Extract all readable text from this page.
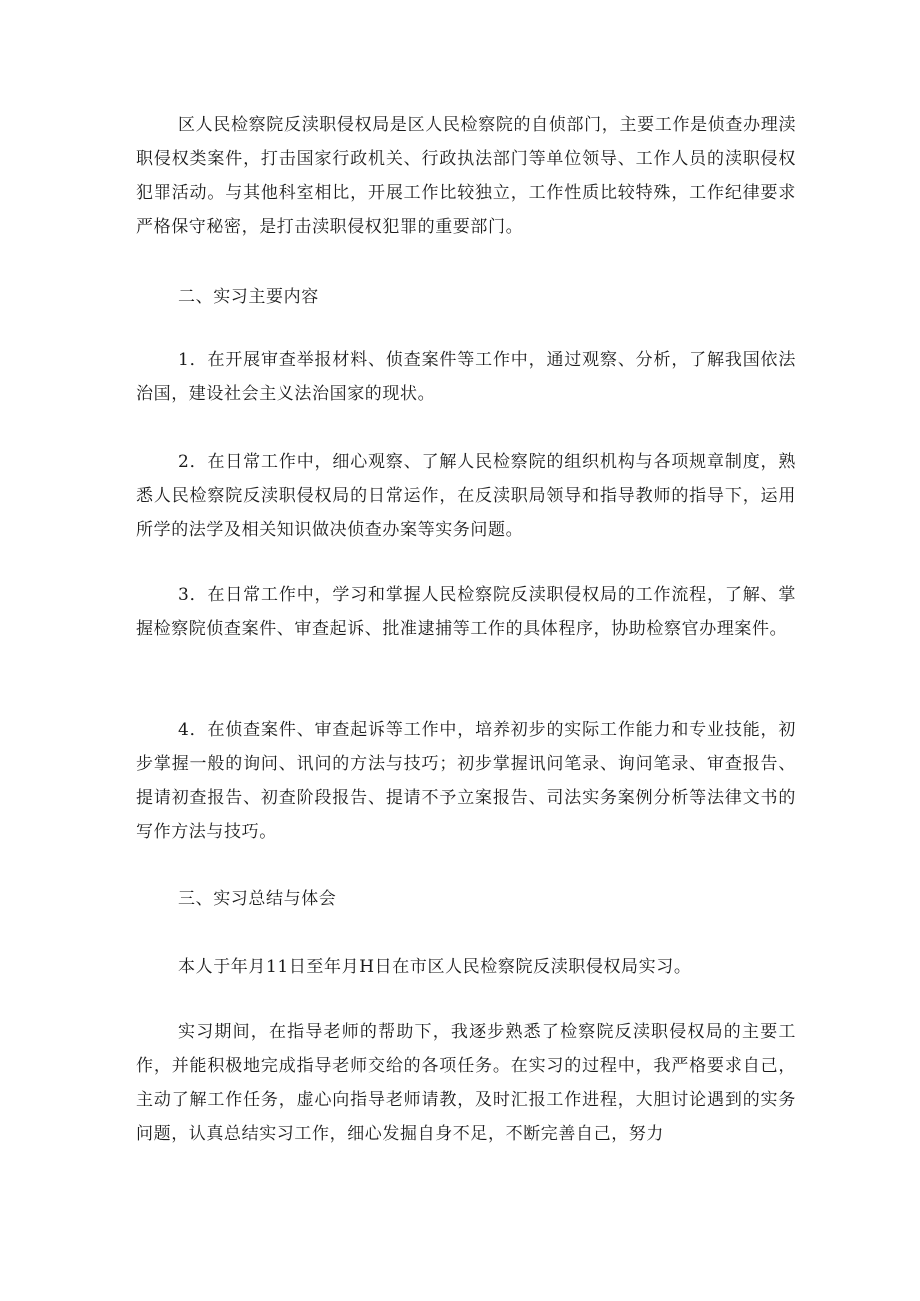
区人民检察院反渎职侵权局是区人民检察院的自侦部门，主要工作是侦查办理渎职侵权类案件，打击国家行政机关、行政执法部门等单位领导、工作人员的渎职侵权犯罪活动。与其他科室相比，开展工作比较独立，工作性质比较特殊，工作纪律要求严格保守秘密，是打击渎职侵权犯罪的重要部门。

二、实习主要内容

1．在开展审查举报材料、侦查案件等工作中，通过观察、分析，了解我国依法治国，建设社会主义法治国家的现状。

2．在日常工作中，细心观察、了解人民检察院的组织机构与各项规章制度，熟悉人民检察院反渎职侵权局的日常运作，在反渎职局领导和指导教师的指导下，运用所学的法学及相关知识做决侦查办案等实务问题。

3．在日常工作中，学习和掌握人民检察院反渎职侵权局的工作流程，了解、掌握检察院侦查案件、审查起诉、批准逮捕等工作的具体程序，协助检察官办理案件。

4．在侦查案件、审查起诉等工作中，培养初步的实际工作能力和专业技能，初步掌握一般的询问、讯问的方法与技巧；初步掌握讯问笔录、询问笔录、审查报告、提请初查报告、初查阶段报告、提请不予立案报告、司法实务案例分析等法律文书的写作方法与技巧。

三、实习总结与体会

本人于年月11日至年月H日在市区人民检察院反渎职侵权局实习。

实习期间，在指导老师的帮助下，我逐步熟悉了检察院反渎职侵权局的主要工作，并能积极地完成指导老师交给的各项任务。在实习的过程中，我严格要求自己，主动了解工作任务，虚心向指导老师请教，及时汇报工作进程，大胆讨论遇到的实务问题，认真总结实习工作，细心发掘自身不足，不断完善自己，努力
